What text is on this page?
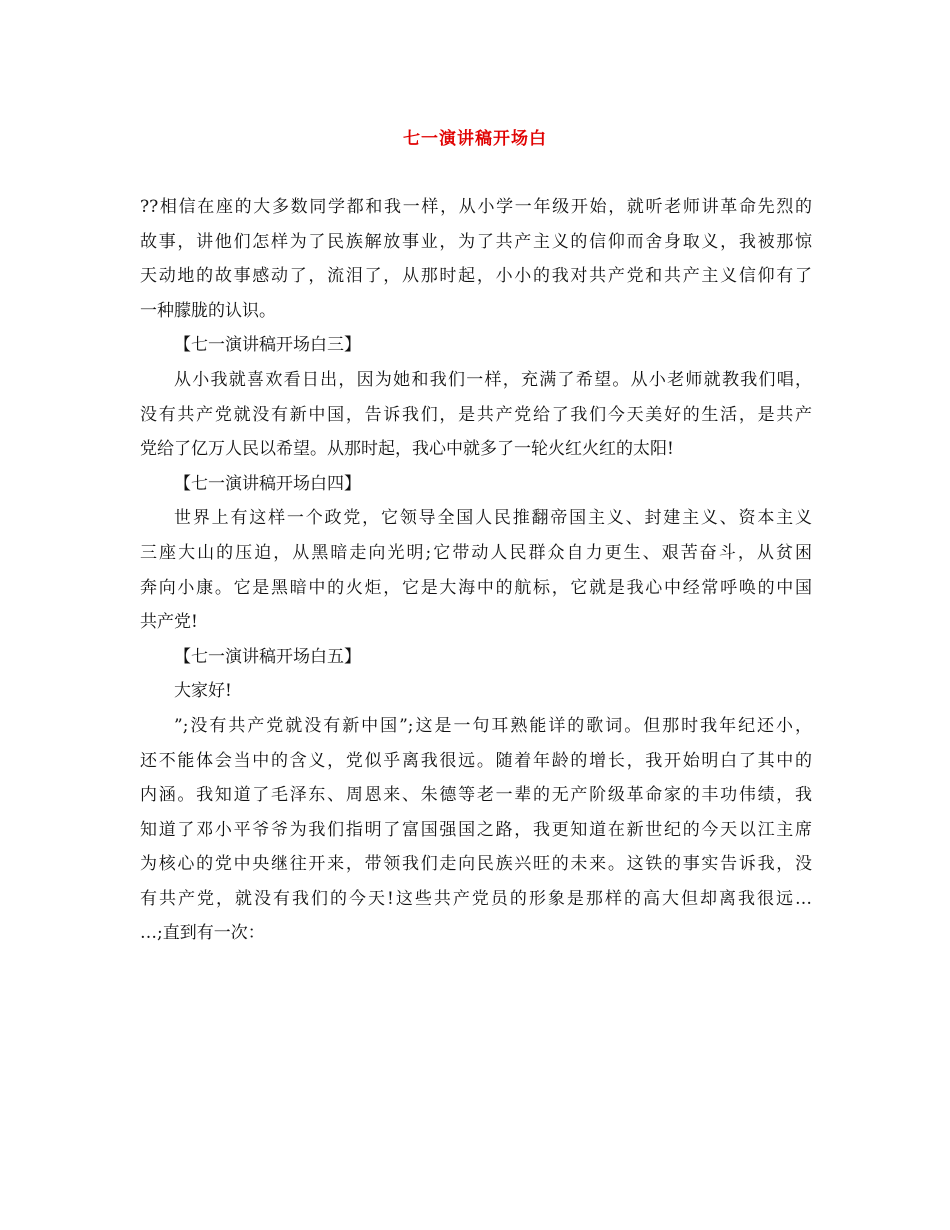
七一演讲稿开场白
??相信在座的大多数同学都和我一样，从小学一年级开始，就听老师讲革命先烈的
故事，讲他们怎样为了民族解放事业，为了共产主义的信仰而舍身取义，我被那惊
天动地的故事感动了，流泪了，从那时起，小小的我对共产党和共产主义信仰有了
一种朦胧的认识。
【七一演讲稿开场白三】
从小我就喜欢看日出，因为她和我们一样，充满了希望。从小老师就教我们唱，
没有共产党就没有新中国，告诉我们，是共产党给了我们今天美好的生活，是共产
党给了亿万人民以希望。从那时起，我心中就多了一轮火红火红的太阳!
【七一演讲稿开场白四】
世界上有这样一个政党，它领导全国人民推翻帝国主义、封建主义、资本主义
三座大山的压迫，从黑暗走向光明;它带动人民群众自力更生、艰苦奋斗，从贫困
奔向小康。它是黑暗中的火炬，它是大海中的航标，它就是我心中经常呼唤的中国
共产党!
【七一演讲稿开场白五】
大家好!
”;没有共产党就没有新中国”;这是一句耳熟能详的歌词。但那时我年纪还小，
还不能体会当中的含义，党似乎离我很远。随着年龄的增长，我开始明白了其中的
内涵。我知道了毛泽东、周恩来、朱德等老一辈的无产阶级革命家的丰功伟绩，我
知道了邓小平爷爷为我们指明了富国强国之路，我更知道在新世纪的今天以江主席
为核心的党中央继往开来，带领我们走向民族兴旺的未来。这铁的事实告诉我，没
有共产党，就没有我们的今天!这些共产党员的形象是那样的高大但却离我很远…
…;直到有一次：
